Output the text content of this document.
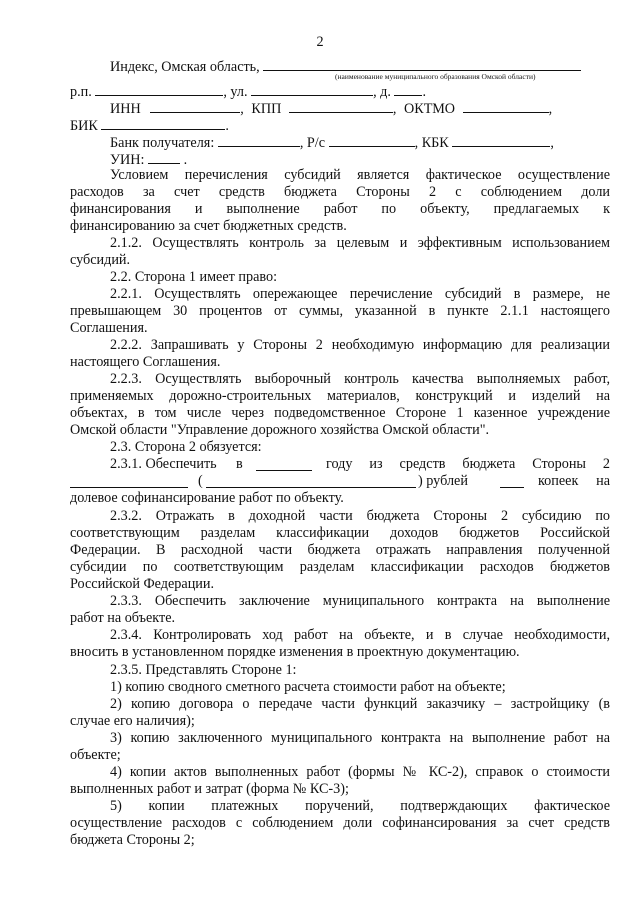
2
Индекс, Омская область,
(наименование муниципального образования Омской области)
р.п.	, ул.	, д. .
ИНН	, КПП	, ОКТМО	,
БИК	.
Банк получателя:	, Р/с	, КБК	,
УИН:	.
Условием перечисления субсидий является фактическое осуществление
расходов за счет средств бюджета Стороны 2 с соблюдением доли
финансирования и выполнение работ по объекту, предлагаемых к
финансированию за счет бюджетных средств.
2.1.2. Осуществлять контроль за целевым и эффективным использованием
субсидий.
2.2. Сторона 1 имеет право:
2.2.1. Осуществлять опережающее перечисление субсидий в размере, не
превышающем 30 процентов от суммы, указанной в пункте 2.1.1 настоящего
Соглашения.
2.2.2. Запрашивать у Стороны 2 необходимую информацию для реализации
настоящего Соглашения.
2.2.3. Осуществлять выборочный контроль качества выполняемых работ,
применяемых дорожно-строительных материалов, конструкций и изделий на
объектах, в том числе через подведомственное Стороне 1 казенное учреждение
Омской области "Управление дорожного хозяйства Омской области".
2.3. Сторона 2 обязуется:
2.3.1. Обеспечить в	году из средств бюджета Стороны 2
(	) рублей	копеек на
долевое софинансирование работ по объекту.
2.3.2. Отражать в доходной части бюджета Стороны 2 субсидию по
соответствующим разделам классификации доходов бюджетов Российской
Федерации. В расходной части бюджета отражать направления полученной
субсидии по соответствующим разделам классификации расходов бюджетов
Российской Федерации.
2.3.3. Обеспечить заключение муниципального контракта на выполнение
работ на объекте.
2.3.4. Контролировать ход работ на объекте, и в случае необходимости,
вносить в установленном порядке изменения в проектную документацию.
2.3.5. Представлять Стороне 1:
1) копию сводного сметного расчета стоимости работ на объекте;
2) копию договора о передаче части функций заказчику – застройщику (в
случае его наличия);
3) копию заключенного муниципального контракта на выполнение работ на
объекте;
4) копии актов выполненных работ (формы № КС-2), справок о стоимости
выполненных работ и затрат (форма № КС-3);
5) копии платежных поручений, подтверждающих фактическое
осуществление расходов с соблюдением доли софинансирования за счет средств
бюджета Стороны 2;
